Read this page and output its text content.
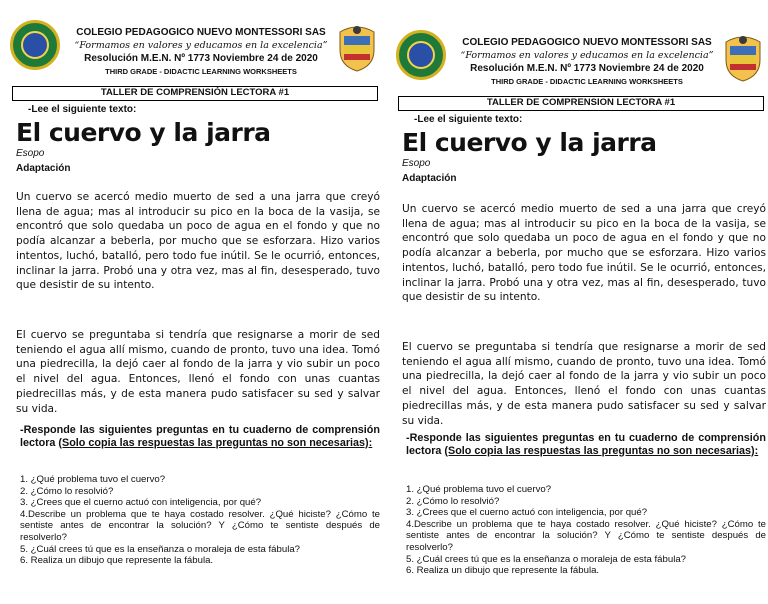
COLEGIO PEDAGOGICO NUEVO MONTESSORI SAS
“Formamos en valores y educamos en la excelencia”
Resolución M.E.N. Nº 1773 Noviembre 24 de 2020
THIRD GRADE - DIDACTIC LEARNING WORKSHEETS
TALLER DE COMPRENSIÓN LECTORA #1
-Lee el siguiente texto:
El cuervo y la jarra
Esopo
Adaptación
Un cuervo se acercó medio muerto de sed a una jarra que creyó llena de agua; mas al introducir su pico en la boca de la vasija, se encontró que solo quedaba un poco de agua en el fondo y que no podía alcanzar a beberla, por mucho que se esforzara. Hizo varios intentos, luchó, batalló, pero todo fue inútil. Se le ocurrió, entonces, inclinar la jarra. Probó una y otra vez, mas al fin, desesperado, tuvo que desistir de su intento.
El cuervo se preguntaba si tendría que resignarse a morir de sed teniendo el agua allí mismo, cuando de pronto, tuvo una idea. Tomó una piedrecilla, la dejó caer al fondo de la jarra y vio subir un poco el nivel del agua. Entonces, llenó el fondo con unas cuantas piedrecillas más, y de esta manera pudo satisfacer su sed y salvar su vida.
-Responde las siguientes preguntas en tu cuaderno de comprensión lectora (Solo copia las respuestas las preguntas no son necesarias):
1. ¿Qué problema tuvo el cuervo?
2. ¿Cómo lo resolvió?
3. ¿Crees que el cuerno actuó con inteligencia, por qué?
4.Describe un problema que te haya costado resolver. ¿Qué hiciste? ¿Cómo te sentiste antes de encontrar la solución? Y ¿Cómo te sentiste después de resolverlo?
5. ¿Cuál crees tú que es la enseñanza o moraleja de esta fábula?
6. Realiza un dibujo que represente la fábula.
COLEGIO PEDAGOGICO NUEVO MONTESSORI SAS
“Formamos en valores y educamos en la excelencia”
Resolución M.E.N. Nº 1773 Noviembre 24 de 2020
THIRD GRADE - DIDACTIC LEARNING WORKSHEETS
TALLER DE COMPRENSION LECTORA #1
-Lee el siguiente texto:
El cuervo y la jarra
Esopo
Adaptación
Un cuervo se acercó medio muerto de sed a una jarra que creyó llena de agua; mas al introducir su pico en la boca de la vasija, se encontró que solo quedaba un poco de agua en el fondo y que no podía alcanzar a beberla, por mucho que se esforzara. Hizo varios intentos, luchó, batalló, pero todo fue inútil. Se le ocurrió, entonces, inclinar la jarra. Probó una y otra vez, mas al fin, desesperado, tuvo que desistir de su intento.
El cuervo se preguntaba si tendría que resignarse a morir de sed teniendo el agua allí mismo, cuando de pronto, tuvo una idea. Tomó una piedrecilla, la dejó caer al fondo de la jarra y vio subir un poco el nivel del agua. Entonces, llenó el fondo con unas cuantas piedrecillas más, y de esta manera pudo satisfacer su sed y salvar su vida.
-Responde las siguientes preguntas en tu cuaderno de comprensión lectora (Solo copia las respuestas las preguntas no son necesarias):
1. ¿Qué problema tuvo el cuervo?
2. ¿Cómo lo resolvió?
3. ¿Crees que el cuerno actuó con inteligencia, por qué?
4.Describe un problema que te haya costado resolver. ¿Qué hiciste? ¿Cómo te sentiste antes de encontrar la solución? Y ¿Cómo te sentiste después de resolverlo?
5. ¿Cuál crees tú que es la enseñanza o moraleja de esta fábula?
6. Realiza un dibujo que represente la fábula.
